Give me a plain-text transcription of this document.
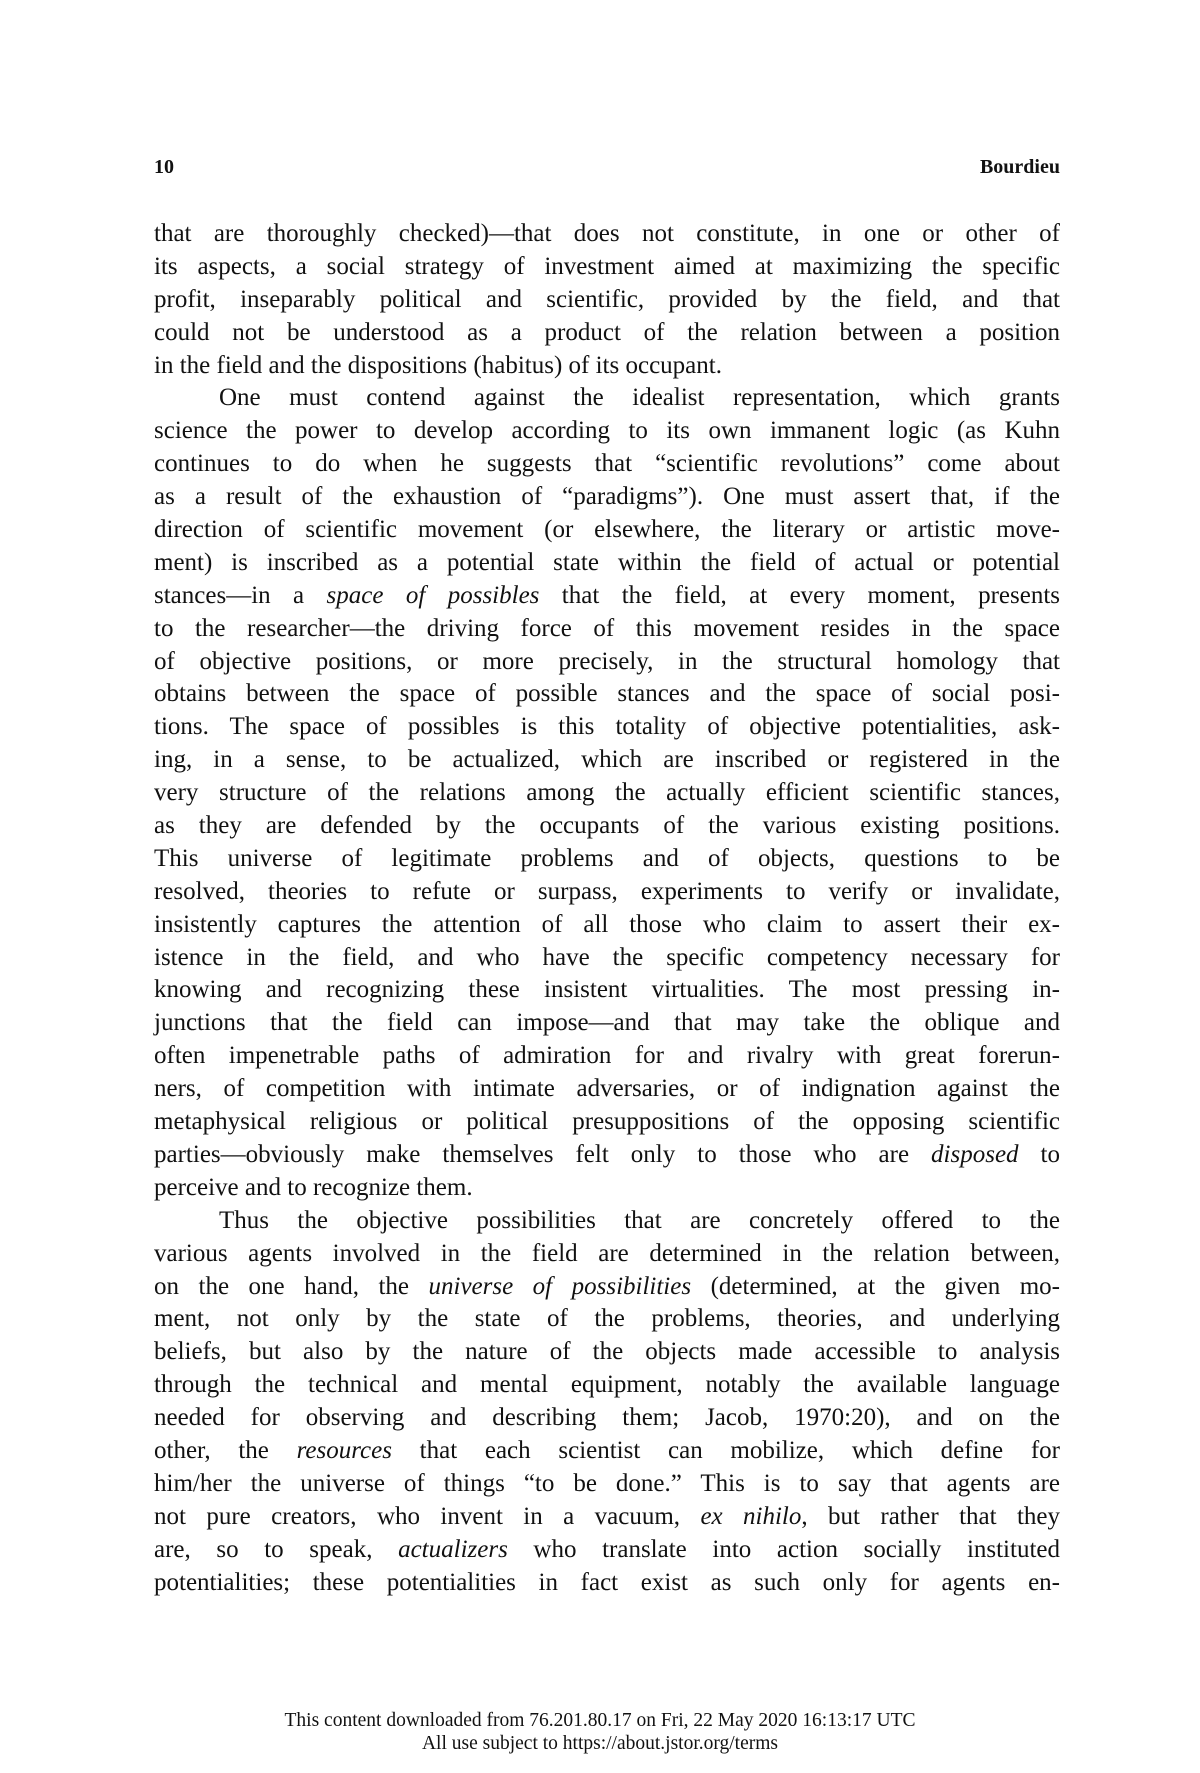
10	Bourdieu
that are thoroughly checked)—that does not constitute, in one or other of
its aspects, a social strategy of investment aimed at maximizing the specific
profit, inseparably political and scientific, provided by the field, and that
could not be understood as a product of the relation between a position
in the field and the dispositions (habitus) of its occupant.
One must contend against the idealist representation, which grants
science the power to develop according to its own immanent logic (as Kuhn
continues to do when he suggests that “scientific revolutions” come about
as a result of the exhaustion of “paradigms”). One must assert that, if the
direction of scientific movement (or elsewhere, the literary or artistic move-
ment) is inscribed as a potential state within the field of actual or potential
stances—in a space of possibles that the field, at every moment, presents
to the researcher—the driving force of this movement resides in the space
of objective positions, or more precisely, in the structural homology that
obtains between the space of possible stances and the space of social posi-
tions. The space of possibles is this totality of objective potentialities, ask-
ing, in a sense, to be actualized, which are inscribed or registered in the
very structure of the relations among the actually efficient scientific stances,
as they are defended by the occupants of the various existing positions.
This universe of legitimate problems and of objects, questions to be
resolved, theories to refute or surpass, experiments to verify or invalidate,
insistently captures the attention of all those who claim to assert their ex-
istence in the field, and who have the specific competency necessary for
knowing and recognizing these insistent virtualities. The most pressing in-
junctions that the field can impose—and that may take the oblique and
often impenetrable paths of admiration for and rivalry with great forerun-
ners, of competition with intimate adversaries, or of indignation against the
metaphysical religious or political presuppositions of the opposing scientific
parties—obviously make themselves felt only to those who are disposed to
perceive and to recognize them.
Thus the objective possibilities that are concretely offered to the
various agents involved in the field are determined in the relation between,
on the one hand, the universe of possibilities (determined, at the given mo-
ment, not only by the state of the problems, theories, and underlying
beliefs, but also by the nature of the objects made accessible to analysis
through the technical and mental equipment, notably the available language
needed for observing and describing them; Jacob, 1970:20), and on the
other, the resources that each scientist can mobilize, which define for
him/her the universe of things “to be done.” This is to say that agents are
not pure creators, who invent in a vacuum, ex nihilo, but rather that they
are, so to speak, actualizers who translate into action socially instituted
potentialities; these potentialities in fact exist as such only for agents en-
This content downloaded from 76.201.80.17 on Fri, 22 May 2020 16:13:17 UTC
All use subject to https://about.jstor.org/terms
